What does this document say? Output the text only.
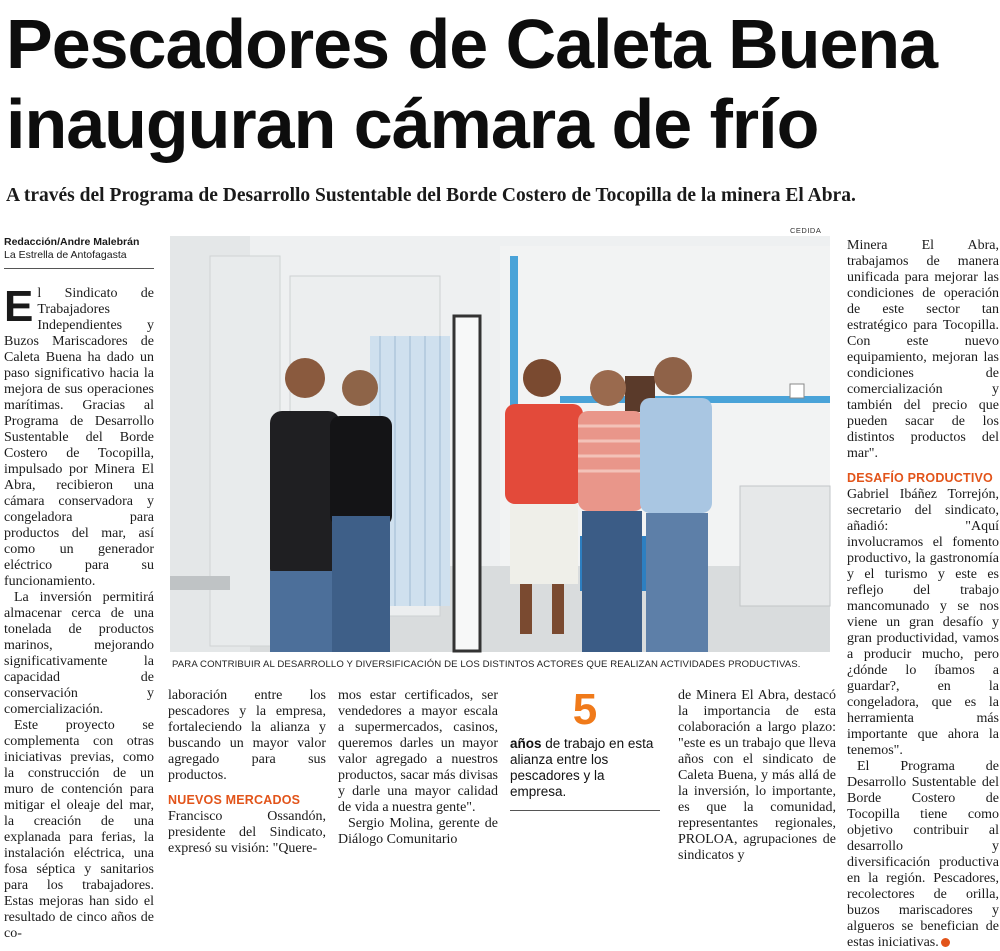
Pescadores de Caleta Buena
inauguran cámara de frío
A través del Programa de Desarrollo Sustentable del Borde Costero de Tocopilla de la minera El Abra.
Redacción/Andre Malebrán
La Estrella de Antofagasta
CEDIDA
PARA CONTRIBUIR AL DESARROLLO Y DIVERSIFICACIÓN DE LOS DISTINTOS ACTORES QUE REALIZAN ACTIVIDADES PRODUCTIVAS.

El Sindicato de Trabajadores Independientes y Buzos Mariscadores de Caleta Buena ha dado un paso significativo hacia la mejora de sus operaciones marítimas. Gracias al Programa de Desarrollo Sustentable del Borde Costero de Tocopilla, impulsado por Minera El Abra, recibieron una cámara conservadora y congeladora para productos del mar, así como un generador eléctrico para su funcionamiento.

La inversión permitirá almacenar cerca de una tonelada de productos marinos, mejorando significativamente la capacidad de conservación y comercialización.

Este proyecto se complementa con otras iniciativas previas, como la construcción de un muro de contención para mitigar el oleaje del mar, la creación de una explanada para ferias, la instalación eléctrica, una fosa séptica y sanitarios para los trabajadores. Estas mejoras han sido el resultado de cinco años de co-

laboración entre los pescadores y la empresa, fortaleciendo la alianza y buscando un mayor valor agregado para sus productos.

NUEVOS MERCADOS

Francisco Ossandón, presidente del Sindicato, expresó su visión: "Quere-

mos estar certificados, ser vendedores a mayor escala a supermercados, casinos, queremos darles un mayor valor agregado a nuestros productos, sacar más divisas y darle una mayor calidad de vida a nuestra gente".

Sergio Molina, gerente de Diálogo Comunitario

5
años de trabajo en esta alianza entre los pescadores y la empresa.

de Minera El Abra, destacó la importancia de esta colaboración a largo plazo: "este es un trabajo que lleva años con el sindicato de Caleta Buena, y más allá de la inversión, lo importante, es que la comunidad, representantes regionales, PROLOA, agrupaciones de sindicatos y

Minera El Abra, trabajamos de manera unificada para mejorar las condiciones de operación de este sector tan estratégico para Tocopilla. Con este nuevo equipamiento, mejoran las condiciones de comercialización y también del precio que pueden sacar de los distintos productos del mar".

DESAFÍO PRODUCTIVO

Gabriel Ibáñez Torrejón, secretario del sindicato, añadió: "Aquí involucramos el fomento productivo, la gastronomía y el turismo y este es reflejo del trabajo mancomunado y se nos viene un gran desafío y gran productividad, vamos a producir mucho, pero ¿dónde lo íbamos a guardar?, en la congeladora, que es la herramienta más importante que ahora la tenemos".

El Programa de Desarrollo Sustentable del Borde Costero de Tocopilla tiene como objetivo contribuir al desarrollo y diversificación productiva en la región. Pescadores, recolectores de orilla, buzos mariscadores y algueros se benefician de estas iniciativas.
